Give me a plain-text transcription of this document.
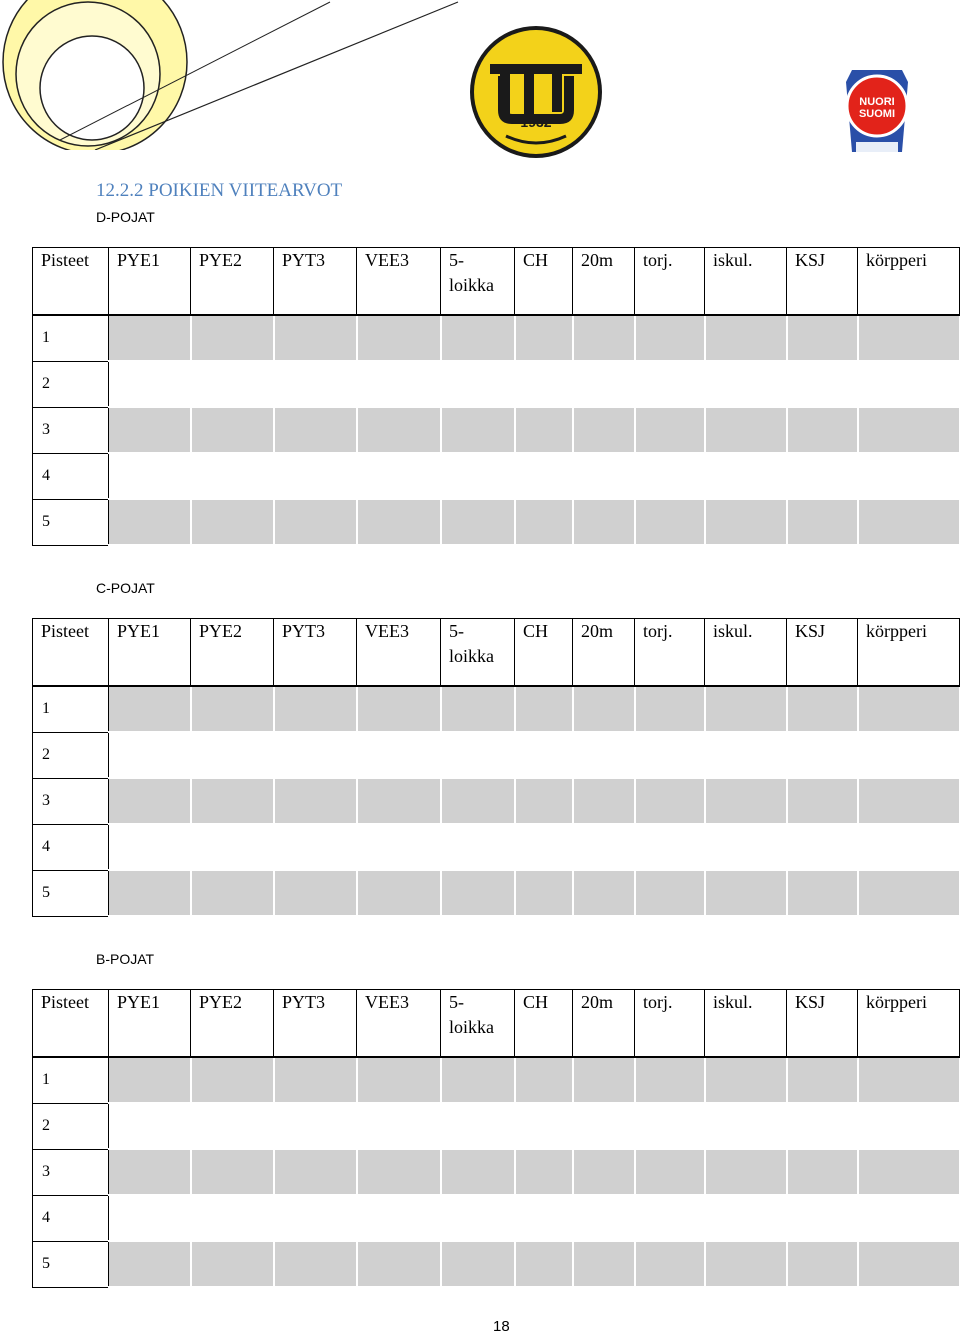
1932
NUORI
SUOMI
12.2.2 POIKIEN VIITEARVOT
D-POJAT
Pisteet	PYE1	PYE2	PYT3	VEE3	5-
loikka	CH	20m	torj.	iskul.	KSJ	körpperi
1											
2											
3											
4											
5											
C-POJAT
Pisteet	PYE1	PYE2	PYT3	VEE3	5-
loikka	CH	20m	torj.	iskul.	KSJ	körpperi
1											
2											
3											
4											
5											
B-POJAT
Pisteet	PYE1	PYE2	PYT3	VEE3	5-
loikka	CH	20m	torj.	iskul.	KSJ	körpperi
1											
2											
3											
4											
5											
18
